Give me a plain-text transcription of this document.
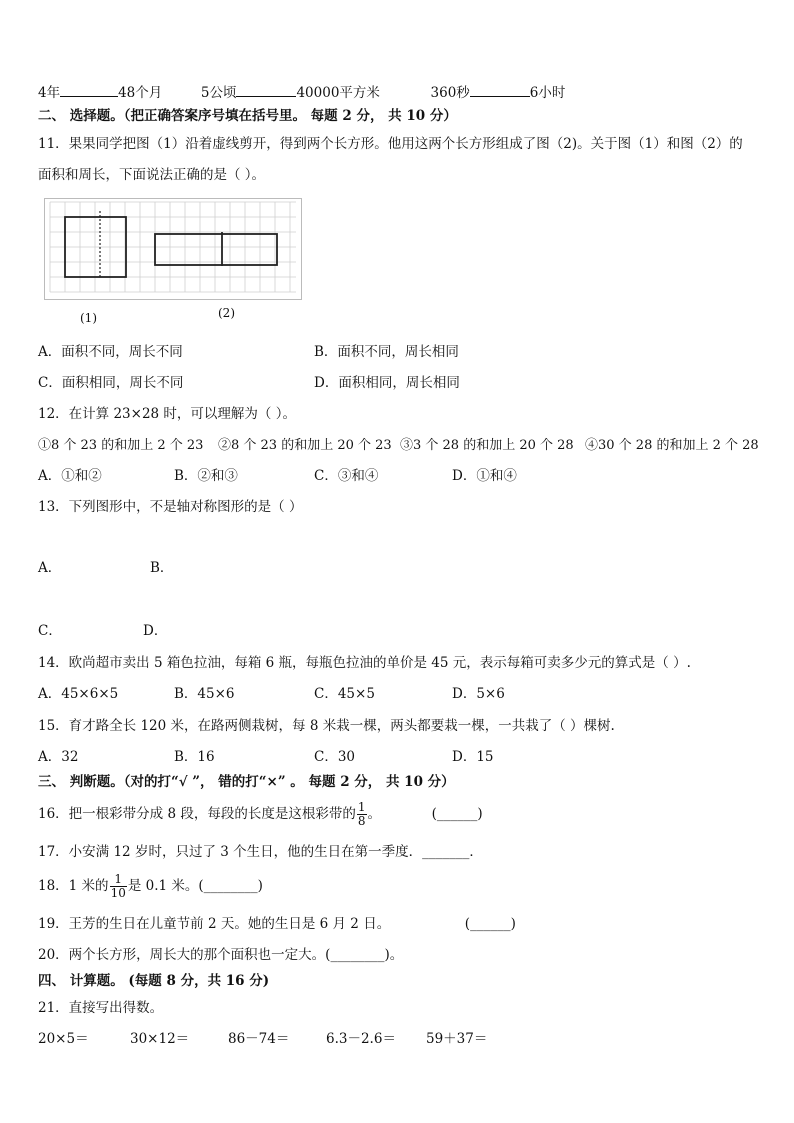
4年	48个月	5公顷	40000平方米	360秒	6小时
二、 选择题。（把正确答案序号填在括号里。 每题 2 分， 共 10 分）
11．果果同学把图（1）沿着虚线剪开，得到两个长方形。他用这两个长方形组成了图（2)。关于图（1）和图（2）的
面积和周长，下面说法正确的是（ ）。
(1)	(2)
A．面积不同，周长不同	B．面积不同，周长相同
C．面积相同，周长不同	D．面积相同，周长相同
12．在计算 23×28 时，可以理解为（ ）。
①8 个 23 的和加上 2 个 23 ②8 个 23 的和加上 20 个 23 ③3 个 28 的和加上 20 个 28 ④30 个 28 的和加上 2 个 28
A．①和②	B．②和③	C．③和④	D．①和④
13．下列图形中，不是轴对称图形的是（ ）
A．	B．
C．	D．
14．欧尚超市卖出 5 箱色拉油，每箱 6 瓶，每瓶色拉油的单价是 45 元，表示每箱可卖多少元的算式是（ ）.
A．45×6×5	B．45×6	C．45×5	D．5×6
15．育才路全长 120 米，在路两侧栽树，每 8 米栽一棵，两头都要栽一棵，一共栽了（ ）棵树.
A．32	B．16	C．30	D．15
三、 判断题。（对的打“√ ”， 错的打“×” 。 每题 2 分， 共 10 分）
16．把一根彩带分成 8 段，每段的长度是这根彩带的 $\frac{1}{8}$ 。	(______)
17．小安满 12 岁时，只过了 3 个生日，他的生日在第一季度．_______．
18．1 米的 $\frac{1}{10}$ 是 0.1 米。(________)
19．王芳的生日在儿童节前 2 天。她的生日是 6 月 2 日。	(______)
20．两个长方形，周长大的那个面积也一定大。(________)。
四、 计算题。 (每题 8 分，共 16 分)
21．直接写出得数。
20×5＝	30×12＝	86－74＝	6.3－2.6＝ 59＋37＝
